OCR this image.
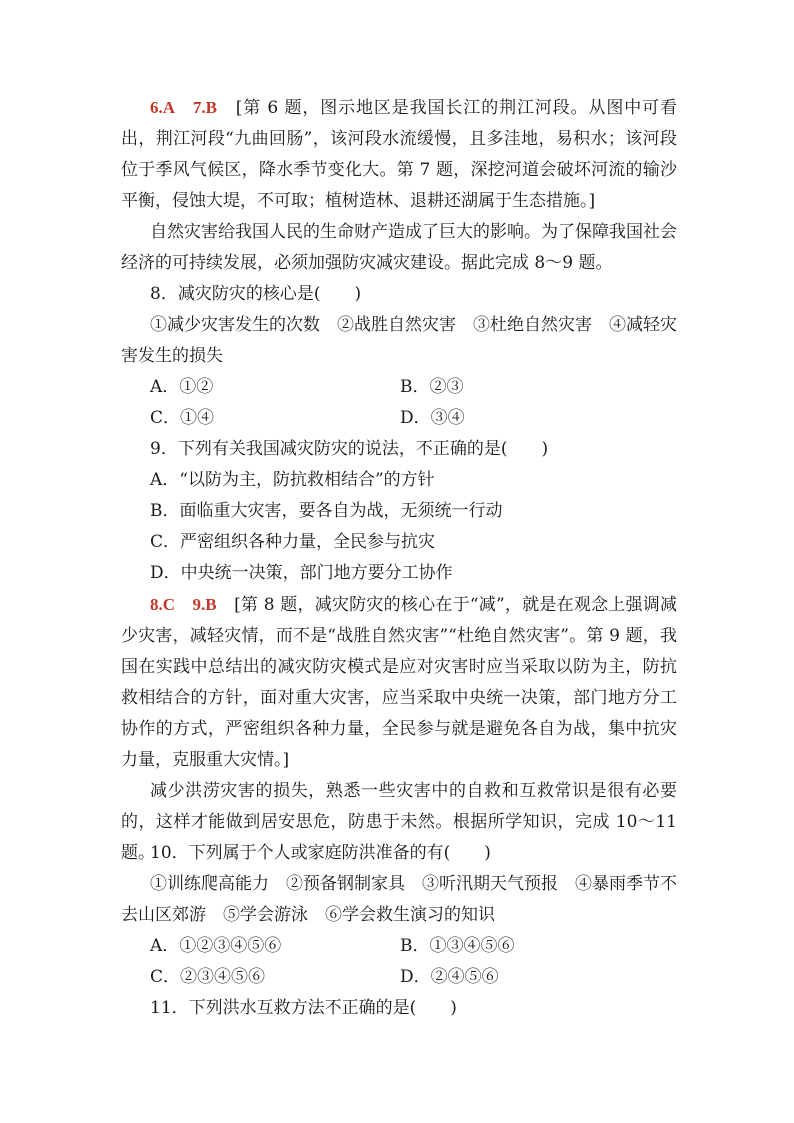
6.A　7.B　 [第 6 题，图示地区是我国长江的荆江河段。从图中可看出，荆江河段“九曲回肠”，该河段水流缓慢，且多洼地，易积水；该河段位于季风气候区，降水季节变化大。第 7 题，深挖河道会破坏河流的输沙平衡，侵蚀大堤，不可取；植树造林、退耕还湖属于生态措施。]

自然灾害给我国人民的生命财产造成了巨大的影响。为了保障我国社会经济的可持续发展，必须加强防灾减灾建设。据此完成 8～9 题。

8．减灾防灾的核心是(　　)

①减少灾害发生的次数　②战胜自然灾害　③杜绝自然灾害　④减轻灾害发生的损失

A．①②	B．②③
C．①④	D．③④

9．下列有关我国减灾防灾的说法，不正确的是(　　)

A．“以防为主，防抗救相结合”的方针
B．面临重大灾害，要各自为战，无须统一行动
C．严密组织各种力量，全民参与抗灾
D．中央统一决策，部门地方要分工协作

8.C　9.B　 [第 8 题，减灾防灾的核心在于“减”，就是在观念上强调减少灾害，减轻灾情，而不是“战胜自然灾害”“杜绝自然灾害”。第 9 题，我国在实践中总结出的减灾防灾模式是应对灾害时应当采取以防为主，防抗救相结合的方针，面对重大灾害，应当采取中央统一决策，部门地方分工协作的方式，严密组织各种力量，全民参与就是避免各自为战，集中抗灾力量，克服重大灾情。]

减少洪涝灾害的损失，熟悉一些灾害中的自救和互救常识是很有必要的，这样才能做到居安思危，防患于未然。根据所学知识，完成 10～11 题。

10．下列属于个人或家庭防洪准备的有(　　)

①训练爬高能力　②预备钢制家具　③听汛期天气预报　④暴雨季节不去山区郊游　⑤学会游泳　⑥学会救生演习的知识

A．①②③④⑤⑥	B．①③④⑤⑥
C．②③④⑤⑥	D．②④⑤⑥

11．下列洪水互救方法不正确的是(　　)
